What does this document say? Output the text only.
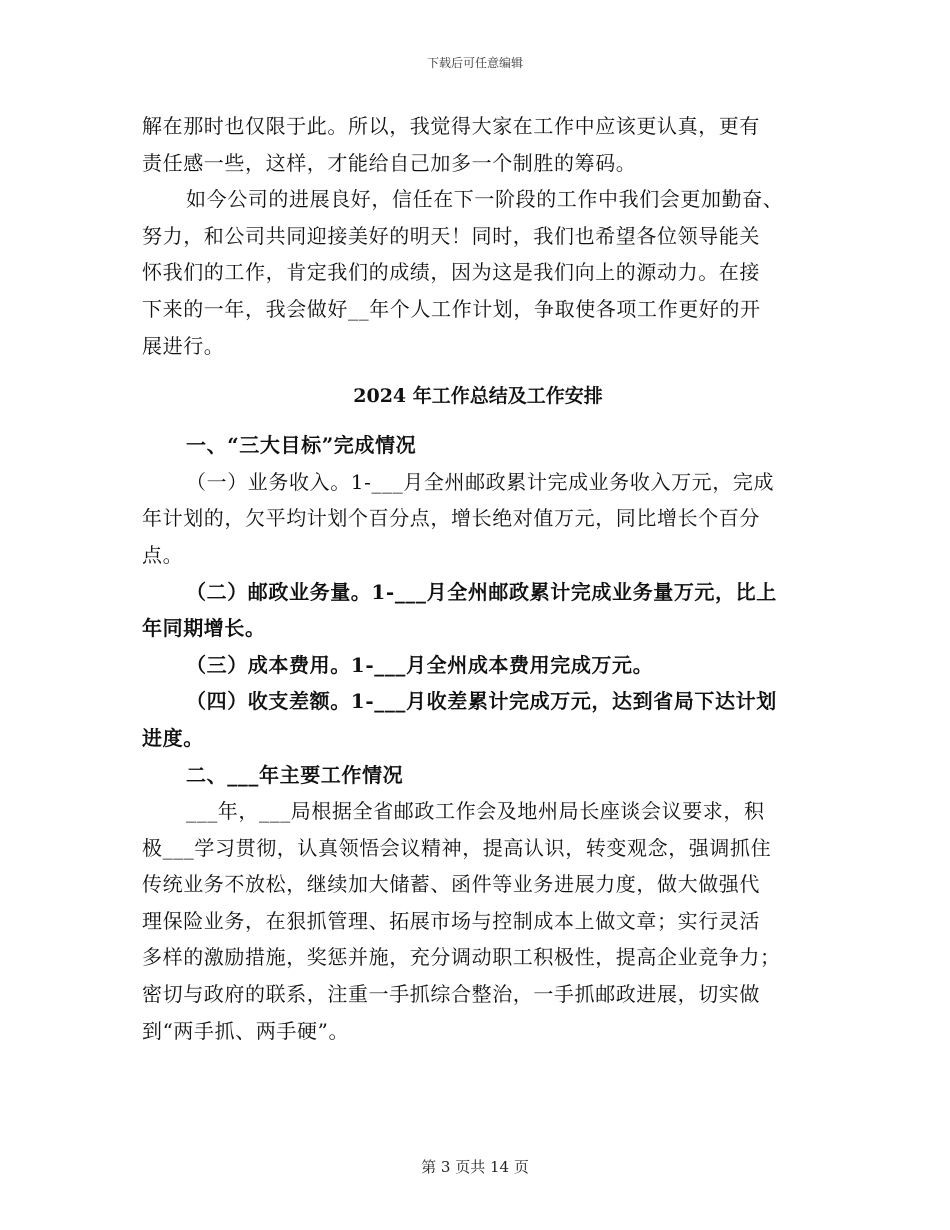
下载后可任意编辑
解在那时也仅限于此。所以，我觉得大家在工作中应该更认真，更有
责任感一些，这样，才能给自己加多一个制胜的筹码。
如今公司的进展良好，信任在下一阶段的工作中我们会更加勤奋、
努力，和公司共同迎接美好的明天！同时，我们也希望各位领导能关
怀我们的工作，肯定我们的成绩，因为这是我们向上的源动力。在接
下来的一年，我会做好__年个人工作计划，争取使各项工作更好的开
展进行。
2024 年工作总结及工作安排
一、“三大目标”完成情况
（一）业务收入。1-___月全州邮政累计完成业务收入万元，完成
年计划的，欠平均计划个百分点，增长绝对值万元，同比增长个百分
点。
（二）邮政业务量。1-___月全州邮政累计完成业务量万元，比上
年同期增长。
（三）成本费用。1-___月全州成本费用完成万元。
（四）收支差额。1-___月收差累计完成万元，达到省局下达计划
进度。
二、___年主要工作情况
___年，___局根据全省邮政工作会及地州局长座谈会议要求，积
极___学习贯彻，认真领悟会议精神，提高认识，转变观念，强调抓住
传统业务不放松，继续加大储蓄、函件等业务进展力度，做大做强代
理保险业务，在狠抓管理、拓展市场与控制成本上做文章；实行灵活
多样的激励措施，奖惩并施，充分调动职工积极性，提高企业竞争力；
密切与政府的联系，注重一手抓综合整治，一手抓邮政进展，切实做
到“两手抓、两手硬”。
第 3 页共 14 页
